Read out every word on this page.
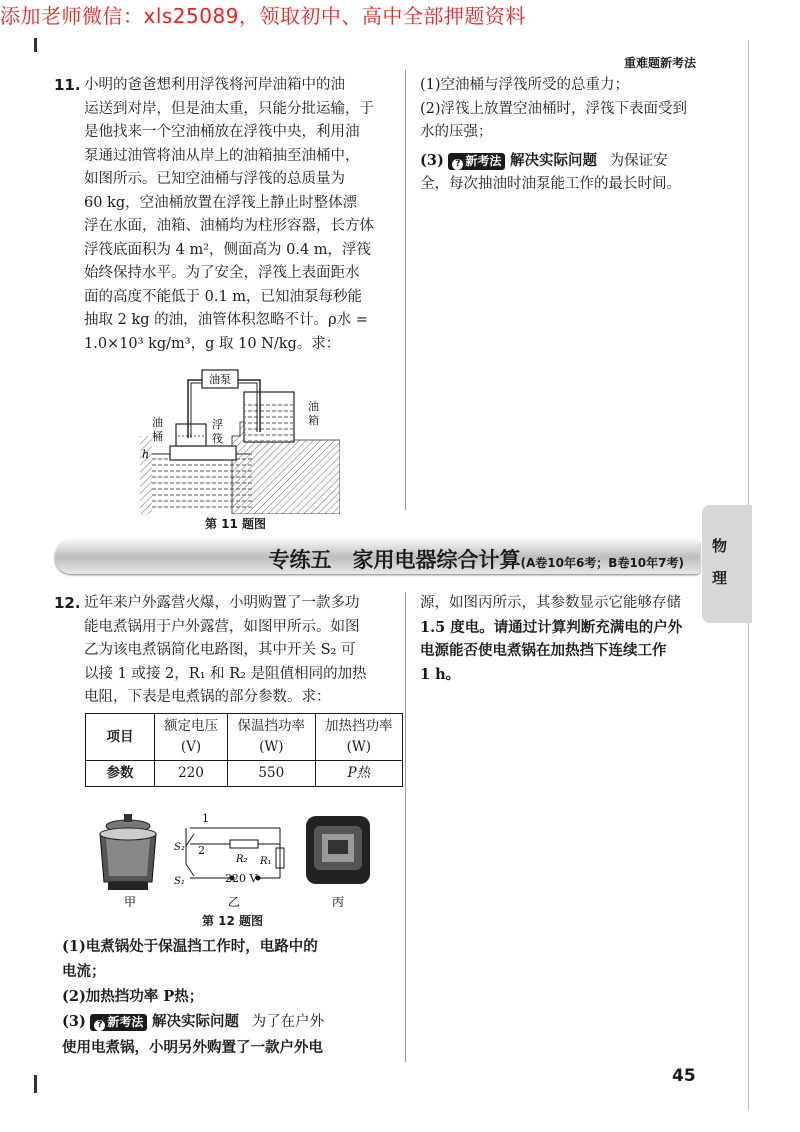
添加老师微信：xls25089，领取初中、高中全部押题资料
重难题新考法
11. 小明的爸爸想利用浮筏将河岸油箱中的油
运送到对岸，但是油太重，只能分批运输，于
是他找来一个空油桶放在浮筏中央，利用油
泵通过油管将油从岸上的油箱抽至油桶中，
如图所示。已知空油桶与浮筏的总质量为
60 kg，空油桶放置在浮筏上静止时整体漂
浮在水面，油箱、油桶均为柱形容器，长方体
浮筏底面积为 4 m²，侧面高为 0.4 m，浮筏
始终保持水平。为了安全，浮筏上表面距水
面的高度不能低于 0.1 m，已知油泵每秒能
抽取 2 kg 的油，油管体积忽略不计。ρ水 =
1.0×10³ kg/m³，g 取 10 N/kg。求：
油泵
油
箱
油
桶
浮
筏
h
第 11 题图
(1)空油桶与浮筏所受的总重力；
(2)浮筏上放置空油桶时，浮筏下表面受到
水的压强；
(3) ? 新考法 解决实际问题 为保证安
全，每次抽油时油泵能工作的最长时间。
专练五　家用电器综合计算(A卷10年6考；B卷10年7考)
物
理
12. 近年来户外露营火爆，小明购置了一款多功
能电煮锅用于户外露营，如图甲所示。如图
乙为该电煮锅简化电路图，其中开关 S₂ 可
以接 1 或接 2，R₁ 和 R₂ 是阻值相同的加热
电阻，下表是电煮锅的部分参数。求：
项目	额定电压(V)	保温挡功率(W)	加热挡功率(W)
参数	220	550	P热
1
2
S₂
S₁
R₂ R₁
220 V
甲	乙	丙
第 12 题图
(1)电煮锅处于保温挡工作时，电路中的
电流；
(2)加热挡功率 P热；
(3) ? 新考法 解决实际问题 为了在户外
使用电煮锅，小明另外购置了一款户外电
源，如图丙所示，其参数显示它能够存储
1.5 度电。请通过计算判断充满电的户外
电源能否使电煮锅在加热挡下连续工作
1 h。
45
